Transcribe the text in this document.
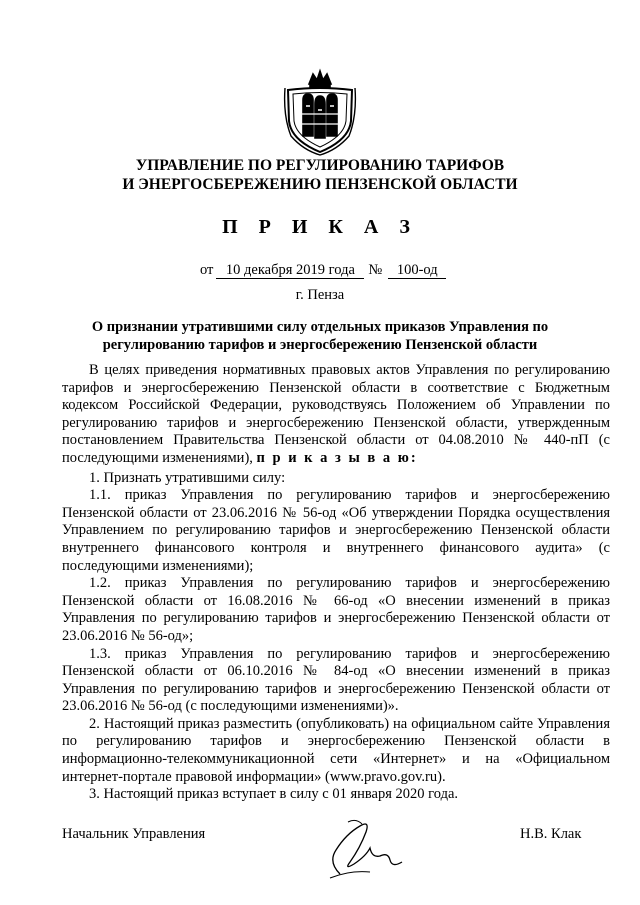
УПРАВЛЕНИЕ ПО РЕГУЛИРОВАНИЮ ТАРИФОВ
И ЭНЕРГОСБЕРЕЖЕНИЮ ПЕНЗЕНСКОЙ ОБЛАСТИ
П Р И К А З
от 10 декабря 2019 года № 100-од
г. Пенза
О признании утратившими силу отдельных приказов Управления по регулированию тарифов и энергосбережению Пензенской области

В целях приведения нормативных правовых актов Управления по регулированию тарифов и энергосбережению Пензенской области в соответствие с Бюджетным кодексом Российской Федерации, руководствуясь Положением об Управлении по регулированию тарифов и энергосбережению Пензенской области, утвержденным постановлением Правительства Пензенской области от 04.08.2010 № 440-пП (с последующими изменениями), п р и к а з ы в а ю:

1. Признать утратившими силу:

1.1. приказ Управления по регулированию тарифов и энергосбережению Пензенской области от 23.06.2016 № 56-од «Об утверждении Порядка осуществления Управлением по регулированию тарифов и энергосбережению Пензенской области внутреннего финансового контроля и внутреннего финансового аудита» (с последующими изменениями);

1.2. приказ Управления по регулированию тарифов и энергосбережению Пензенской области от 16.08.2016 № 66-од «О внесении изменений в приказ Управления по регулированию тарифов и энергосбережению Пензенской области от 23.06.2016 № 56-од»;

1.3. приказ Управления по регулированию тарифов и энергосбережению Пензенской области от 06.10.2016 № 84-од «О внесении изменений в приказ Управления по регулированию тарифов и энергосбережению Пензенской области от 23.06.2016 № 56-од (с последующими изменениями)».

2. Настоящий приказ разместить (опубликовать) на официальном сайте Управления по регулированию тарифов и энергосбережению Пензенской области в информационно-телекоммуникационной сети «Интернет» и на «Официальном интернет-портале правовой информации» (www.pravo.gov.ru).

3. Настоящий приказ вступает в силу с 01 января 2020 года.

Начальник Управления	Н.В. Клак
